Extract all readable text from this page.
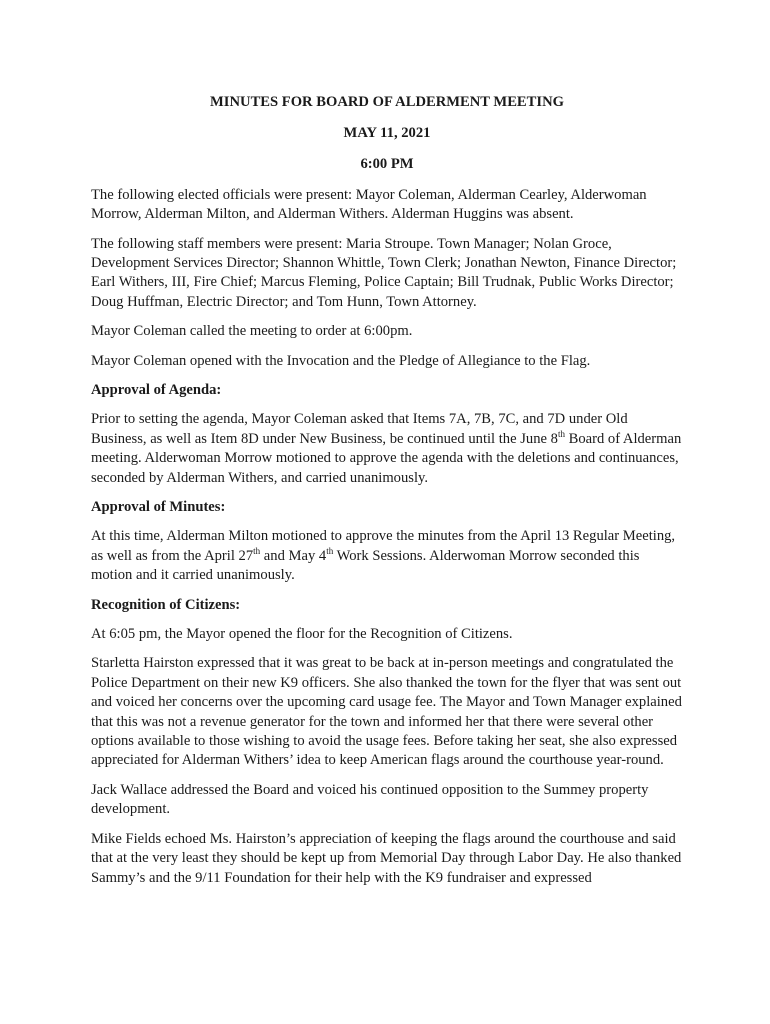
MINUTES FOR BOARD OF ALDERMENT MEETING
MAY 11, 2021
6:00 PM

The following elected officials were present: Mayor Coleman, Alderman Cearley, Alderwoman Morrow, Alderman Milton, and Alderman Withers. Alderman Huggins was absent.

The following staff members were present: Maria Stroupe. Town Manager; Nolan Groce, Development Services Director; Shannon Whittle, Town Clerk; Jonathan Newton, Finance Director; Earl Withers, III, Fire Chief; Marcus Fleming, Police Captain; Bill Trudnak, Public Works Director; Doug Huffman, Electric Director; and Tom Hunn, Town Attorney.

Mayor Coleman called the meeting to order at 6:00pm.

Mayor Coleman opened with the Invocation and the Pledge of Allegiance to the Flag.

Approval of Agenda:

Prior to setting the agenda, Mayor Coleman asked that Items 7A, 7B, 7C, and 7D under Old Business, as well as Item 8D under New Business, be continued until the June 8th Board of Alderman meeting. Alderwoman Morrow motioned to approve the agenda with the deletions and continuances, seconded by Alderman Withers, and carried unanimously.

Approval of Minutes:

At this time, Alderman Milton motioned to approve the minutes from the April 13 Regular Meeting, as well as from the April 27th and May 4th Work Sessions. Alderwoman Morrow seconded this motion and it carried unanimously.

Recognition of Citizens:

At 6:05 pm, the Mayor opened the floor for the Recognition of Citizens.

Starletta Hairston expressed that it was great to be back at in-person meetings and congratulated the Police Department on their new K9 officers. She also thanked the town for the flyer that was sent out and voiced her concerns over the upcoming card usage fee. The Mayor and Town Manager explained that this was not a revenue generator for the town and informed her that there were several other options available to those wishing to avoid the usage fees. Before taking her seat, she also expressed appreciated for Alderman Withers’ idea to keep American flags around the courthouse year-round.

Jack Wallace addressed the Board and voiced his continued opposition to the Summey property development.

Mike Fields echoed Ms. Hairston’s appreciation of keeping the flags around the courthouse and said that at the very least they should be kept up from Memorial Day through Labor Day. He also thanked Sammy’s and the 9/11 Foundation for their help with the K9 fundraiser and expressed
